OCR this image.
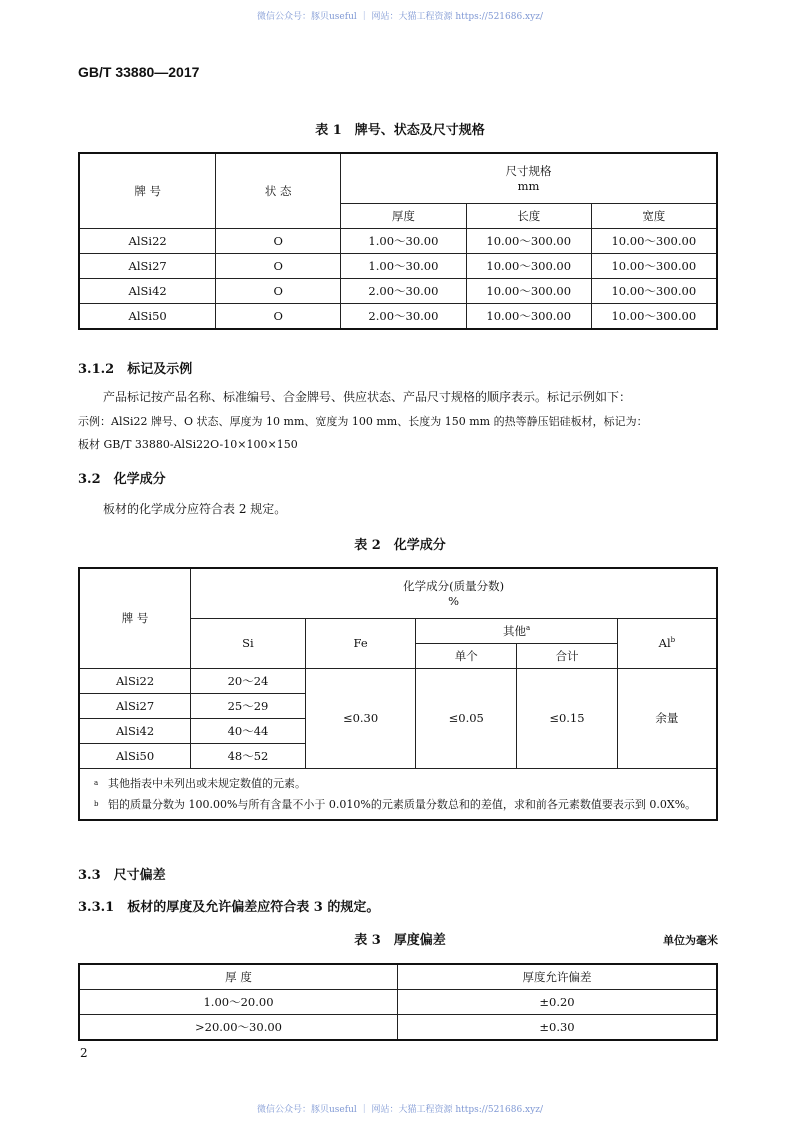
微信公众号：豚贝useful ｜ 网站：大猫工程资源 https://521686.xyz/
GB/T 33880—2017
表 1　牌号、状态及尺寸规格
牌 号	状 态	尺寸规格
mm		
		厚度	长度	宽度
AlSi22	O	1.00～30.00	10.00～300.00	10.00～300.00
AlSi27	O	1.00～30.00	10.00～300.00	10.00～300.00
AlSi42	O	2.00～30.00	10.00～300.00	10.00～300.00
AlSi50	O	2.00～30.00	10.00～300.00	10.00～300.00
3.1.2　 标记及示例
产品标记按产品名称、标准编号、合金牌号、供应状态、产品尺寸规格的顺序表示。标记示例如下：
示例：AlSi22 牌号、O 状态、厚度为 10 mm、宽度为 100 mm、长度为 150 mm 的热等静压铝硅板材，标记为：
板材 GB/T 33880-AlSi22O-10×100×150
3.2　 化学成分
板材的化学成分应符合表 2 规定。
表 2　化学成分
牌 号	化学成分(质量分数)
%				
	Si	Fe	其他$^a$		Al$^b$
			单个	合计	
AlSi22	20～24	≤0.30	≤0.05	≤0.15	余量
AlSi27	25～29				
AlSi42	40～44				
AlSi50	48～52				

a 其他指表中未列出或未规定数值的元素。
b 铝的质量分数为 100.00%与所有含量不小于 0.010%的元素质量分数总和的差值，求和前各元素数值要表示到 0.0X%。					
3.3　 尺寸偏差
3.3.1　 板材的厚度及允许偏差应符合表 3 的规定。
表 3　厚度偏差	单位为毫米
厚 度	厚度允许偏差
1.00～20.00	±0.20
>20.00～30.00	±0.30
2
微信公众号：豚贝useful ｜ 网站：大猫工程资源 https://521686.xyz/
